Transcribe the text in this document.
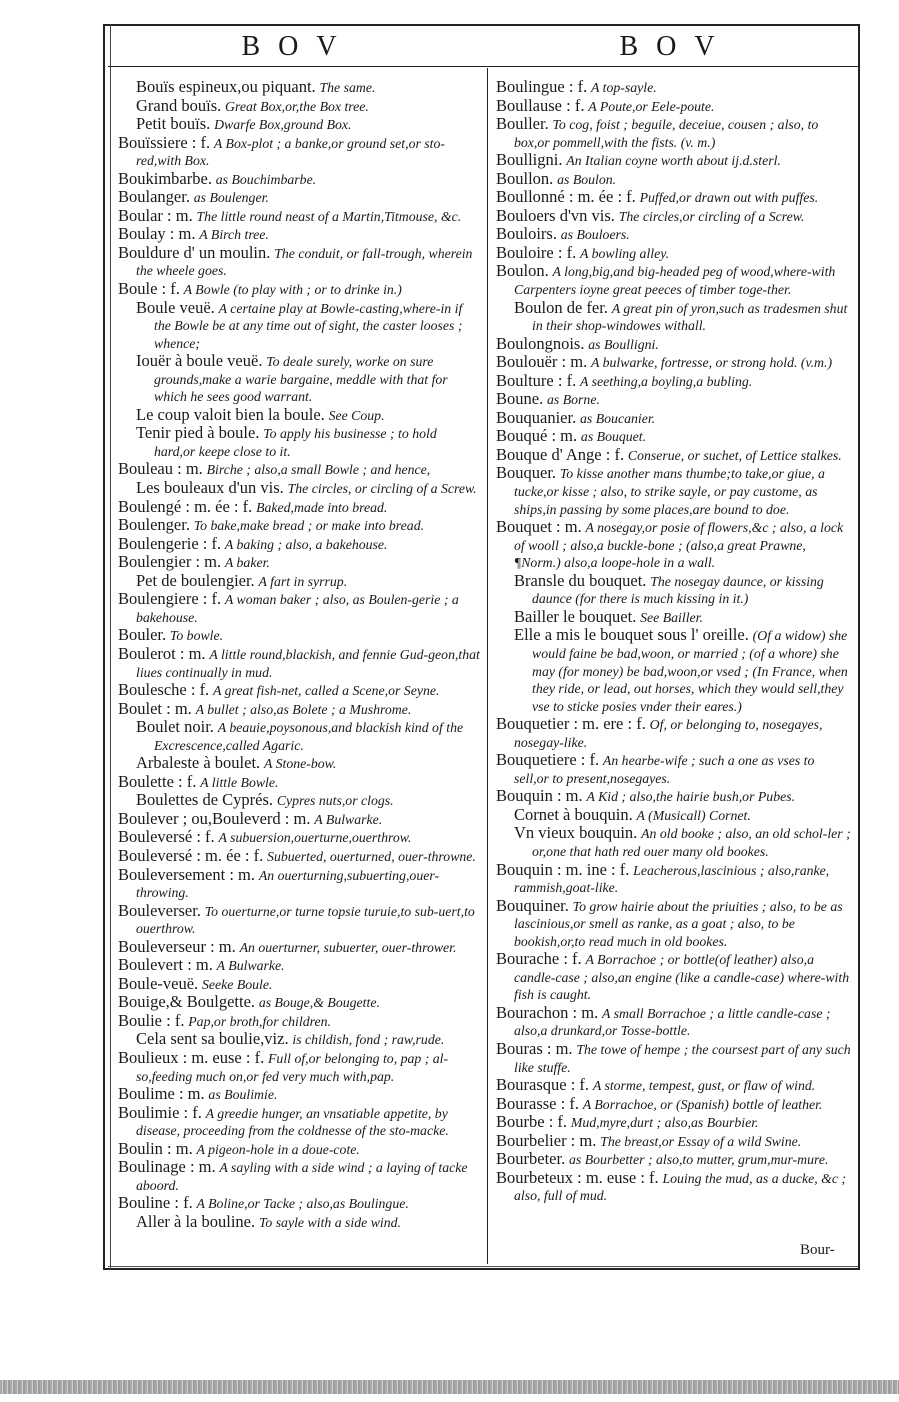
BOV	BOV
Bouïs espineux,ou piquant. The same.
Grand bouïs. Great Box,or,the Box tree.
Petit bouïs. Dwarfe Box,ground Box.
Bouïssiere : f. A Box-plot ; a banke,or ground set,or sto-red,with Box.
Boukimbarbe. as Bouchimbarbe.
Boulanger. as Boulenger.
Boular : m. The little round neast of a Martin,Titmouse, &c.
Boulay : m. A Birch tree.
Bouldure d' un moulin. The conduit, or fall-trough, wherein the wheele goes.
Boule : f. A Bowle (to play with ; or to drinke in.)
Boule veuë. A certaine play at Bowle-casting,where-in if the Bowle be at any time out of sight, the caster looses ; whence;
Iouër à boule veuë. To deale surely, worke on sure grounds,make a warie bargaine, meddle with that for which he sees good warrant.
Le coup valoit bien la boule. See Coup.
Tenir pied à boule. To apply his businesse ; to hold hard,or keepe close to it.
Bouleau : m. Birche ; also,a small Bowle ; and hence,
Les bouleaux d'un vis. The circles, or circling of a Screw.
Boulengé : m. ée : f. Baked,made into bread.
Boulenger. To bake,make bread ; or make into bread.
Boulengerie : f. A baking ; also, a bakehouse.
Boulengier : m. A baker.
Pet de boulengier. A fart in syrrup.
Boulengiere : f. A woman baker ; also, as Boulen-gerie ; a bakehouse.
Bouler. To bowle.
Boulerot : m. A little round,blackish, and fennie Gud-geon,that liues continually in mud.
Boulesche : f. A great fish-net, called a Scene,or Seyne.
Boulet : m. A bullet ; also,as Bolete ; a Mushrome.
Boulet noir. A beauie,poysonous,and blackish kind of the Excrescence,called Agaric.
Arbaleste à boulet. A Stone-bow.
Boulette : f. A little Bowle.
Boulettes de Cyprés. Cypres nuts,or clogs.
Boulever ; ou,Bouleverd : m. A Bulwarke.
Bouleversé : f. A subuersion,ouerturne,ouerthrow.
Bouleversé : m. ée : f. Subuerted, ouerturned, ouer-throwne.
Bouleversement : m. An ouerturning,subuerting,ouer-throwing.
Bouleverser. To ouerturne,or turne topsie turuie,to sub-uert,to ouerthrow.
Bouleverseur : m. An ouerturner, subuerter, ouer-thrower.
Boulevert : m. A Bulwarke.
Boule-veuë. Seeke Boule.
Bouige,& Boulgette. as Bouge,& Bougette.
Boulie : f. Pap,or broth,for children.
Cela sent sa boulie,viz. is childish, fond ; raw,rude.
Boulieux : m. euse : f. Full of,or belonging to, pap ; al-so,feeding much on,or fed very much with,pap.
Boulime : m. as Boulimie.
Boulimie : f. A greedie hunger, an vnsatiable appetite, by disease, proceeding from the coldnesse of the sto-macke.
Boulin : m. A pigeon-hole in a doue-cote.
Boulinage : m. A sayling with a side wind ; a laying of tacke aboord.
Bouline : f. A Boline,or Tacke ; also,as Boulingue.
Aller à la bouline. To sayle with a side wind.
Boulingue : f. A top-sayle.
Boullause : f. A Poute,or Eele-poute.
Bouller. To cog, foist ; beguile, deceiue, cousen ; also, to box,or pommell,with the fists. (v. m.)
Boulligni. An Italian coyne worth about ij.d.sterl.
Boullon. as Boulon.
Boullonné : m. ée : f. Puffed,or drawn out with puffes.
Bouloers d'vn vis. The circles,or circling of a Screw.
Bouloirs. as Bouloers.
Bouloire : f. A bowling alley.
Boulon. A long,big,and big-headed peg of wood,where-with Carpenters ioyne great peeces of timber toge-ther.
Boulon de fer. A great pin of yron,such as tradesmen shut in their shop-windowes withall.
Boulongnois. as Boulligni.
Boulouër : m. A bulwarke, fortresse, or strong hold. (v.m.)
Boulture : f. A seething,a boyling,a bubling.
Boune. as Borne.
Bouquanier. as Boucanier.
Bouqué : m. as Bouquet.
Bouque d' Ange : f. Conserue, or suchet, of Lettice stalkes.
Bouquer. To kisse another mans thumbe;to take,or giue, a tucke,or kisse ; also, to strike sayle, or pay custome, as ships,in passing by some places,are bound to doe.
Bouquet : m. A nosegay,or posie of flowers,&c ; also, a lock of wooll ; also,a buckle-bone ; (also,a great Prawne, ¶Norm.) also,a loope-hole in a wall.
Bransle du bouquet. The nosegay daunce, or kissing daunce (for there is much kissing in it.)
Bailler le bouquet. See Bailler.
Elle a mis le bouquet sous l' oreille. (Of a widow) she would faine be bad,woon, or married ; (of a whore) she may (for money) be bad,woon,or vsed ; (In France, when they ride, or lead, out horses, which they would sell,they vse to sticke posies vnder their eares.)
Bouquetier : m. ere : f. Of, or belonging to, nosegayes, nosegay-like.
Bouquetiere : f. An hearbe-wife ; such a one as vses to sell,or to present,nosegayes.
Bouquin : m. A Kid ; also,the hairie bush,or Pubes.
Cornet à bouquin. A (Musicall) Cornet.
Vn vieux bouquin. An old booke ; also, an old schol-ler ; or,one that hath red ouer many old bookes.
Bouquin : m. ine : f. Leacherous,lascinious ; also,ranke, rammish,goat-like.
Bouquiner. To grow hairie about the priuities ; also, to be as lascinious,or smell as ranke, as a goat ; also, to be bookish,or,to read much in old bookes.
Bourache : f. A Borrachoe ; or bottle(of leather) also,a candle-case ; also,an engine (like a candle-case) where-with fish is caught.
Bourachon : m. A small Borrachoe ; a little candle-case ; also,a drunkard,or Tosse-bottle.
Bouras : m. The towe of hempe ; the coursest part of any such like stuffe.
Bourasque : f. A storme, tempest, gust, or flaw of wind.
Bourasse : f. A Borrachoe, or (Spanish) bottle of leather.
Bourbe : f. Mud,myre,durt ; also,as Bourbier.
Bourbelier : m. The breast,or Essay of a wild Swine.
Bourbeter. as Bourbetter ; also,to mutter, grum,mur-mure.
Bourbeteux : m. euse : f. Louing the mud, as a ducke, &c ; also, full of mud.
Bour-
